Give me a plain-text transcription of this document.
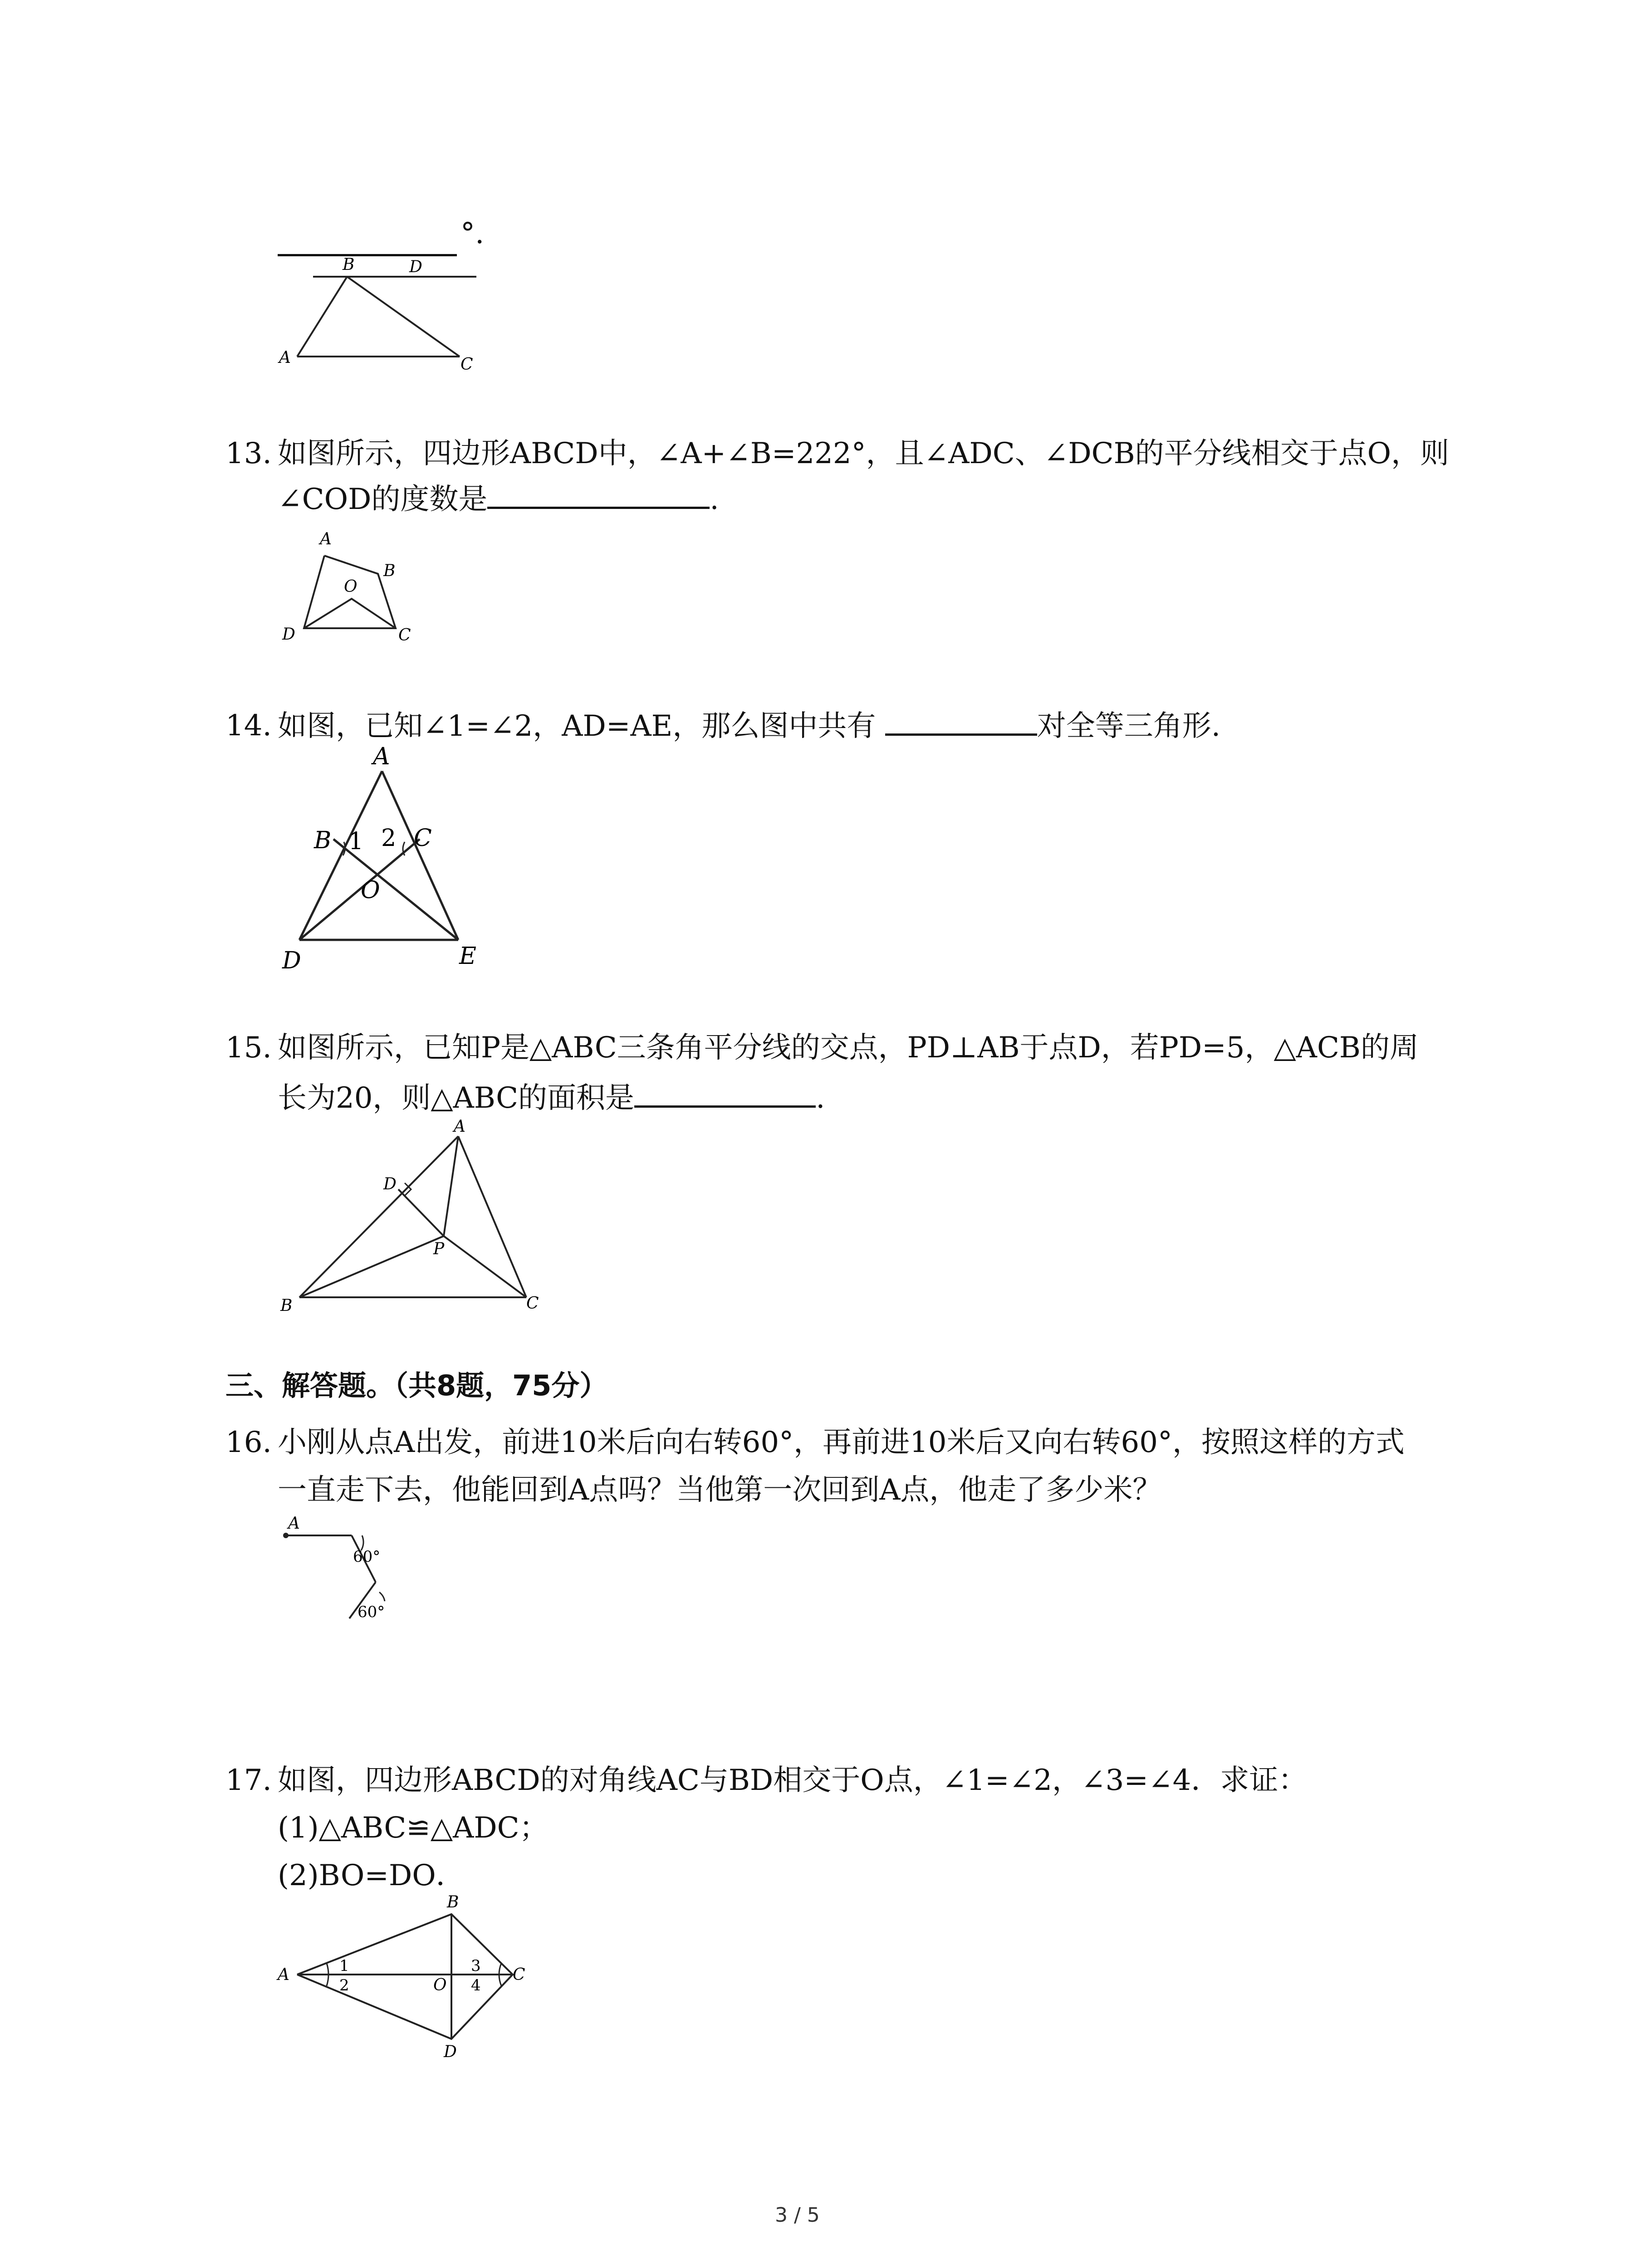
°.
A
B	D
C
13. 如图所示，四边形ABCD中，∠A+∠B=222°，且∠ADC、∠DCB的平分线相交于点O，则
∠COD的度数是	.
A
B
O
D	C
14. 如图，已知∠1=∠2，AD=AE，那么图中共有	对全等三角形.
A
B 1 2 C
O
D	E
15. 如图所示，已知P是△ABC三条角平分线的交点，PD⊥AB于点D，若PD=5，△ACB的周
长为20，则△ABC的面积是	.
A
D
P
B	C
三、解答题。（共8题，75分）
16. 小刚从点A出发，前进10米后向右转60°，再前进10米后又向右转60°，按照这样的方式
一直走下去，他能回到A点吗？当他第一次回到A点，他走了多少米？
A
60°
60°
17. 如图，四边形ABCD的对角线AC与BD相交于O点，∠1=∠2，∠3=∠4．求证：
(1)△ABC≌△ADC；
(2)BO=DO．
B
A	1
2	O
3
4
C
D
3 / 5
